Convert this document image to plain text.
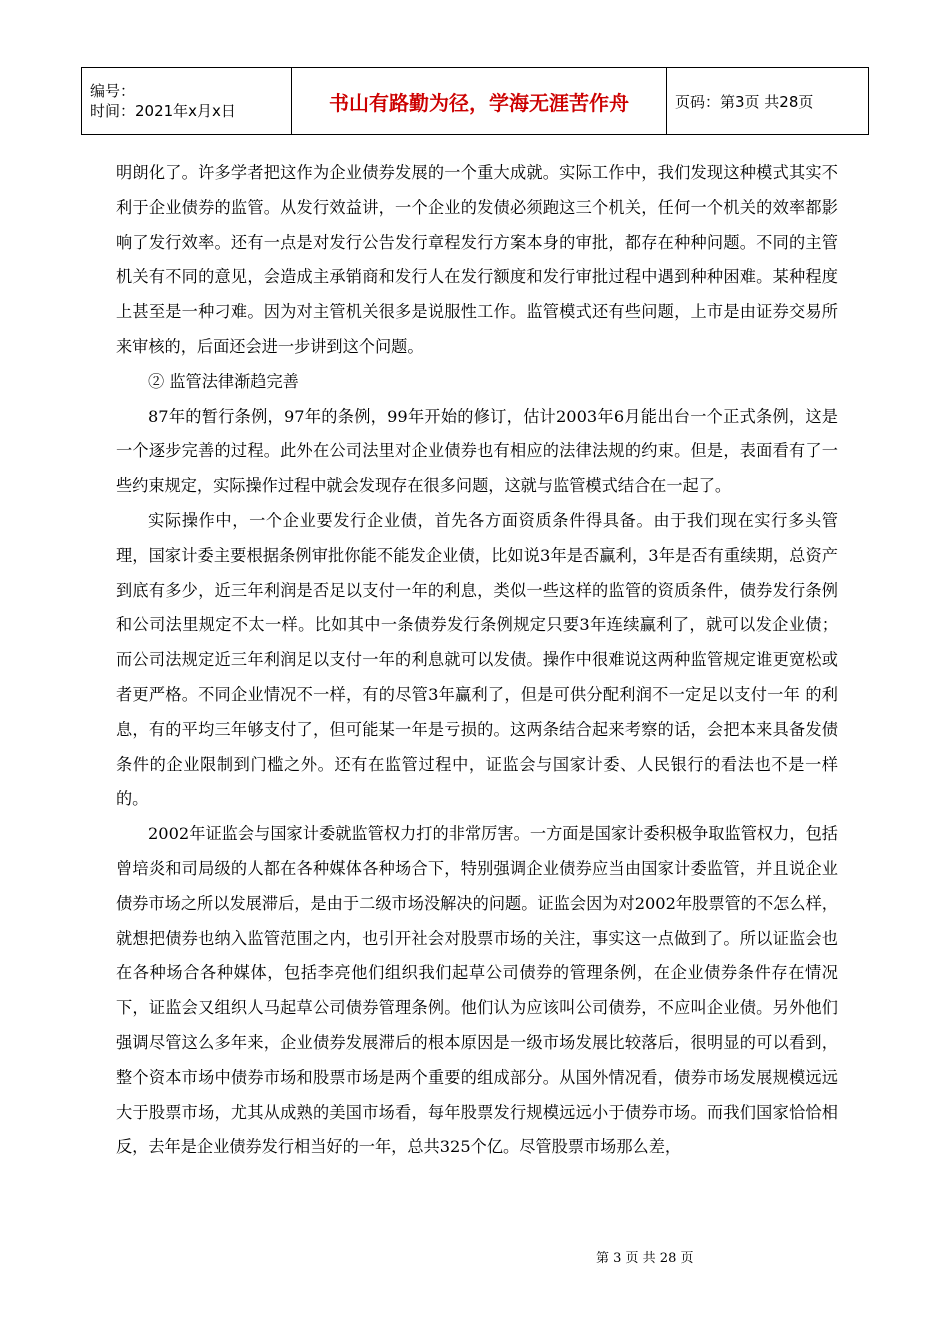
编号：
时间：2021年x月x日	书山有路勤为径，学海无涯苦作舟	页码：第3页 共28页

明朗化了。许多学者把这作为企业债券发展的一个重大成就。实际工作中，我们发现这种模式其实不利于企业债券的监管。从发行效益讲，一个企业的发债必须跑这三个机关，任何一个机关的效率都影响了发行效率。还有一点是对发行公告发行章程发行方案本身的审批，都存在种种问题。不同的主管机关有不同的意见，会造成主承销商和发行人在发行额度和发行审批过程中遇到种种困难。某种程度上甚至是一种刁难。因为对主管机关很多是说服性工作。监管模式还有些问题，上市是由证券交易所来审核的，后面还会进一步讲到这个问题。

② 监管法律渐趋完善

87年的暂行条例，97年的条例，99年开始的修订，估计2003年6月能出台一个正式条例，这是一个逐步完善的过程。此外在公司法里对企业债券也有相应的法律法规的约束。但是，表面看有了一些约束规定，实际操作过程中就会发现存在很多问题，这就与监管模式结合在一起了。

实际操作中，一个企业要发行企业债，首先各方面资质条件得具备。由于我们现在实行多头管理，国家计委主要根据条例审批你能不能发企业债，比如说3年是否赢利，3年是否有重续期，总资产到底有多少，近三年利润是否足以支付一年的利息，类似一些这样的监管的资质条件，债券发行条例和公司法里规定不太一样。比如其中一条债券发行条例规定只要3年连续赢利了，就可以发企业债；而公司法规定近三年利润足以支付一年的利息就可以发债。操作中很难说这两种监管规定谁更宽松或者更严格。不同企业情况不一样，有的尽管3年赢利了，但是可供分配利润不一定足以支付一年 的利息，有的平均三年够支付了，但可能某一年是亏损的。这两条结合起来考察的话，会把本来具备发债条件的企业限制到门槛之外。还有在监管过程中，证监会与国家计委、人民银行的看法也不是一样的。

2002年证监会与国家计委就监管权力打的非常厉害。一方面是国家计委积极争取监管权力，包括曾培炎和司局级的人都在各种媒体各种场合下，特别强调企业债券应当由国家计委监管，并且说企业债券市场之所以发展滞后，是由于二级市场没解决的问题。证监会因为对2002年股票管的不怎么样，就想把债券也纳入监管范围之内，也引开社会对股票市场的关注，事实这一点做到了。所以证监会也在各种场合各种媒体，包括李亮他们组织我们起草公司债券的管理条例，在企业债券条件存在情况下，证监会又组织人马起草公司债券管理条例。他们认为应该叫公司债券，不应叫企业债。另外他们强调尽管这么多年来，企业债券发展滞后的根本原因是一级市场发展比较落后，很明显的可以看到，整个资本市场中债券市场和股票市场是两个重要的组成部分。从国外情况看，债券市场发展规模远远大于股票市场，尤其从成熟的美国市场看，每年股票发行规模远远小于债券市场。而我们国家恰恰相反，去年是企业债券发行相当好的一年，总共325个亿。尽管股票市场那么差，

第 3 页 共 28 页
